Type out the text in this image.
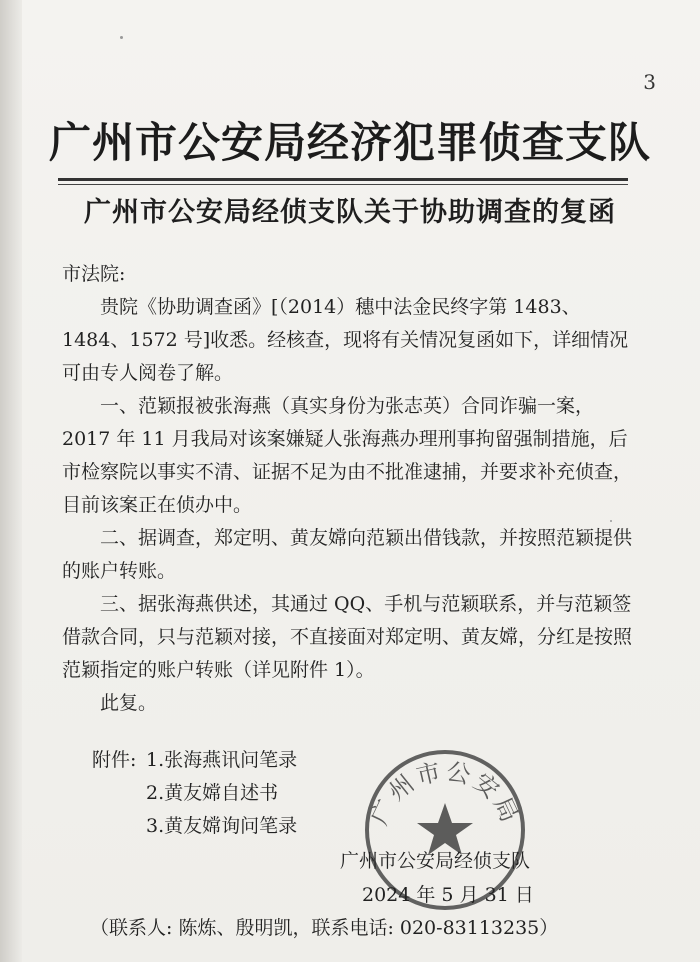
3
广州市公安局经济犯罪侦查支队
广州市公安局经侦支队关于协助调查的复函

市法院:

贵院《协助调查函》[（2014）穗中法金民终字第 1483、1484、1572 号]收悉。经核查，现将有关情况复函如下，详细情况可由专人阅卷了解。

一、范颖报被张海燕（真实身份为张志英）合同诈骗一案，2017 年 11 月我局对该案嫌疑人张海燕办理刑事拘留强制措施，后市检察院以事实不清、证据不足为由不批准逮捕，并要求补充侦查，目前该案正在侦办中。

二、据调查，郑定明、黄友嫦向范颖出借钱款，并按照范颖提供的账户转账。

三、据张海燕供述，其通过 QQ、手机与范颖联系，并与范颖签借款合同，只与范颖对接，不直接面对郑定明、黄友嫦，分红是按照范颖指定的账户转账（详见附件 1）。

此复。

附件: 1.张海燕讯问笔录
2.黄友嫦自述书
3.黄友嫦询问笔录	广州市公安局
广州市公安局经侦支队
2024 年 5 月 31 日
（联系人: 陈炼、殷明凯，联系电话: 020-83113235）
